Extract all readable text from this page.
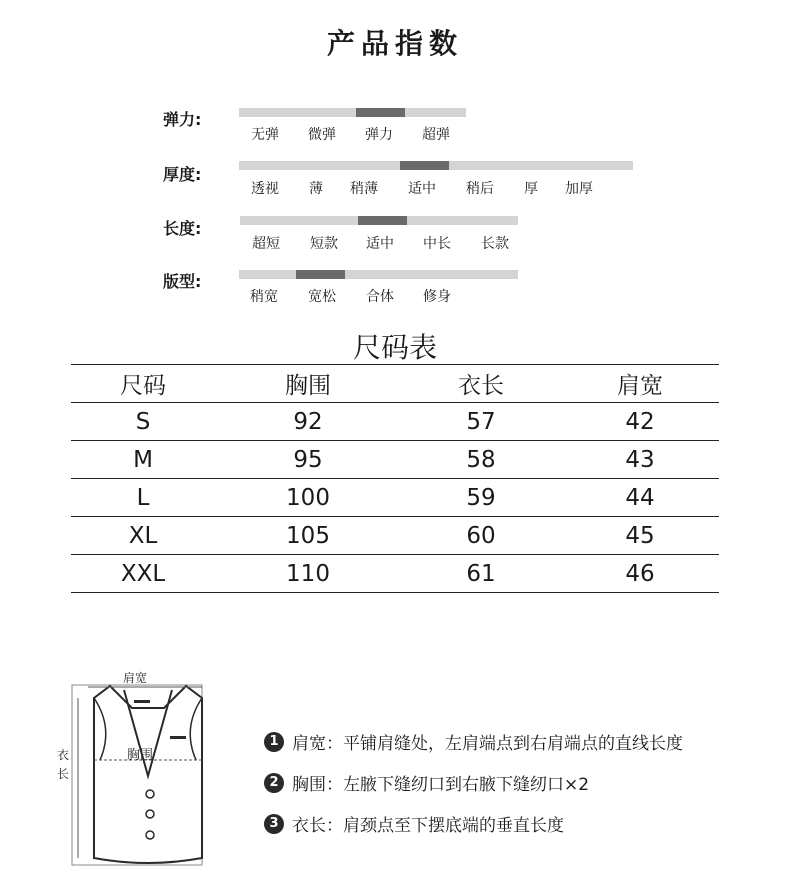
产品指数
弹力:
无弹 微弹 弹力 超弹
厚度:
透视 薄 稍薄 适中 稍后 厚 加厚
长度:
超短 短款 适中 中长 长款
版型:
稍宽 宽松 合体 修身
尺码表
尺码	胸围	衣长	肩宽
S	92	57	42
M	95	58	43
L	100	59	44
XL	105	60	45
XXL	110	61	46
肩宽
胸围
衣
长
1 肩宽：平铺肩缝处，左肩端点到右肩端点的直线长度
2 胸围：左腋下缝纫口到右腋下缝纫口×2
3 衣长：肩颈点至下摆底端的垂直长度
